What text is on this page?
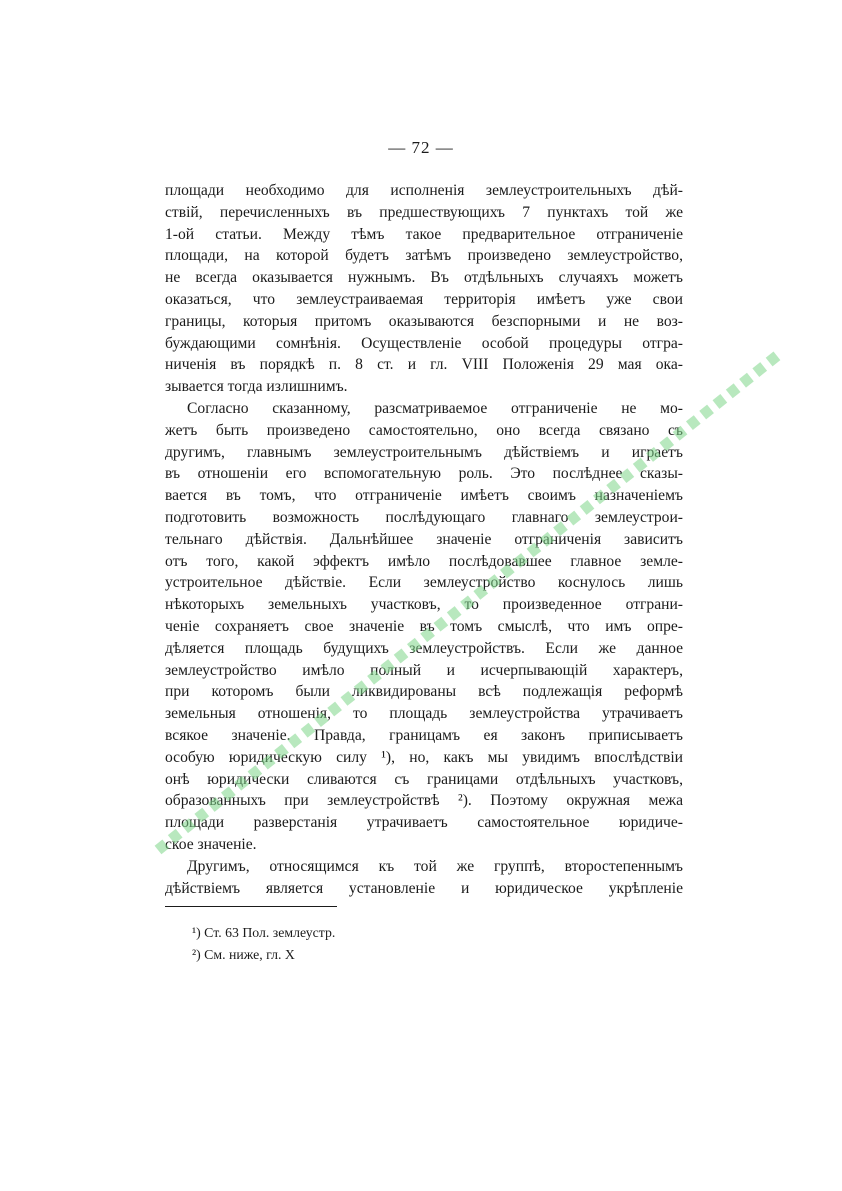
— 72 —
площади необходимо для исполненія землеустроительныхъ дѣй-
ствій, перечисленныхъ въ предшествующихъ 7 пунктахъ той же
1-ой статьи. Между тѣмъ такое предварительное отграниченіе
площади, на которой будетъ затѣмъ произведено землеустройство,
не всегда оказывается нужнымъ. Въ отдѣльныхъ случаяхъ можетъ
оказаться, что землеустраиваемая территорія имѣетъ уже свои
границы, которыя притомъ оказываются безспорными и не воз-
буждающими сомнѣнія. Осуществленіе особой процедуры отгра-
ниченія въ порядкѣ п. 8 ст. и гл. VIII Положенія 29 мая ока-
зывается тогда излишнимъ.
Согласно сказанному, разсматриваемое отграниченіе не мо-
жетъ быть произведено самостоятельно, оно всегда связано съ
другимъ, главнымъ землеустроительнымъ дѣйствіемъ и играетъ
въ отношеніи его вспомогательную роль. Это послѣднее сказы-
вается въ томъ, что отграниченіе имѣетъ своимъ назначеніемъ
подготовить возможность послѣдующаго главнаго землеустрои-
тельнаго дѣйствія. Дальнѣйшее значеніе отграниченія зависитъ
отъ того, какой эффектъ имѣло послѣдовавшее главное земле-
устроительное дѣйствіе. Если землеустройство коснулось лишь
нѣкоторыхъ земельныхъ участковъ, то произведенное отграни-
ченіе сохраняетъ свое значеніе въ томъ смыслѣ, что имъ опре-
дѣляется площадь будущихъ землеустройствъ. Если же данное
землеустройство имѣло полный и исчерпывающій характеръ,
при которомъ были ликвидированы всѣ подлежащія реформѣ
земельныя отношенія, то площадь землеустройства утрачиваетъ
всякое значеніе. Правда, границамъ ея законъ приписываетъ
особую юридическую силу ¹), но, какъ мы увидимъ впослѣдствіи
онѣ юридически сливаются съ границами отдѣльныхъ участковъ,
образованныхъ при землеустройствѣ ²). Поэтому окружная межа
площади разверстанія утрачиваетъ самостоятельное юридиче-
ское значеніе.
Другимъ, относящимся къ той же группѣ, второстепеннымъ
дѣйствіемъ является установленіе и юридическое укрѣпленіе
¹) Ст. 63 Пол. землеустр.
²) См. ниже, гл. X
